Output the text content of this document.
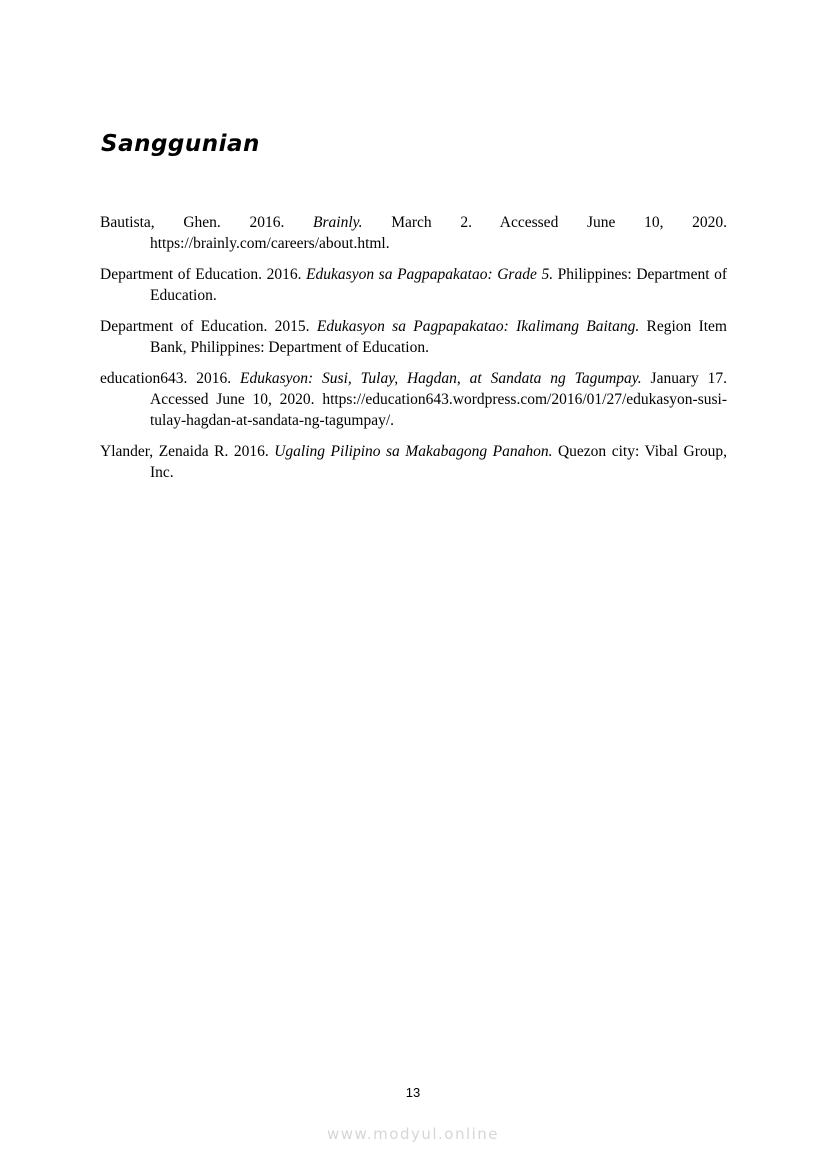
Sanggunian
Bautista, Ghen. 2016. Brainly. March 2. Accessed June 10, 2020. https://brainly.com/careers/about.html.
Department of Education. 2016. Edukasyon sa Pagpapakatao: Grade 5. Philippines: Department of Education.
Department of Education. 2015. Edukasyon sa Pagpapakatao: Ikalimang Baitang. Region Item Bank, Philippines: Department of Education.
education643. 2016. Edukasyon: Susi, Tulay, Hagdan, at Sandata ng Tagumpay. January 17. Accessed June 10, 2020. https://education643.wordpress.com/2016/01/27/edukasyon-susi-tulay-hagdan-at-sandata-ng-tagumpay/.
Ylander, Zenaida R. 2016. Ugaling Pilipino sa Makabagong Panahon. Quezon city: Vibal Group, Inc.
13
www.modyul.online
